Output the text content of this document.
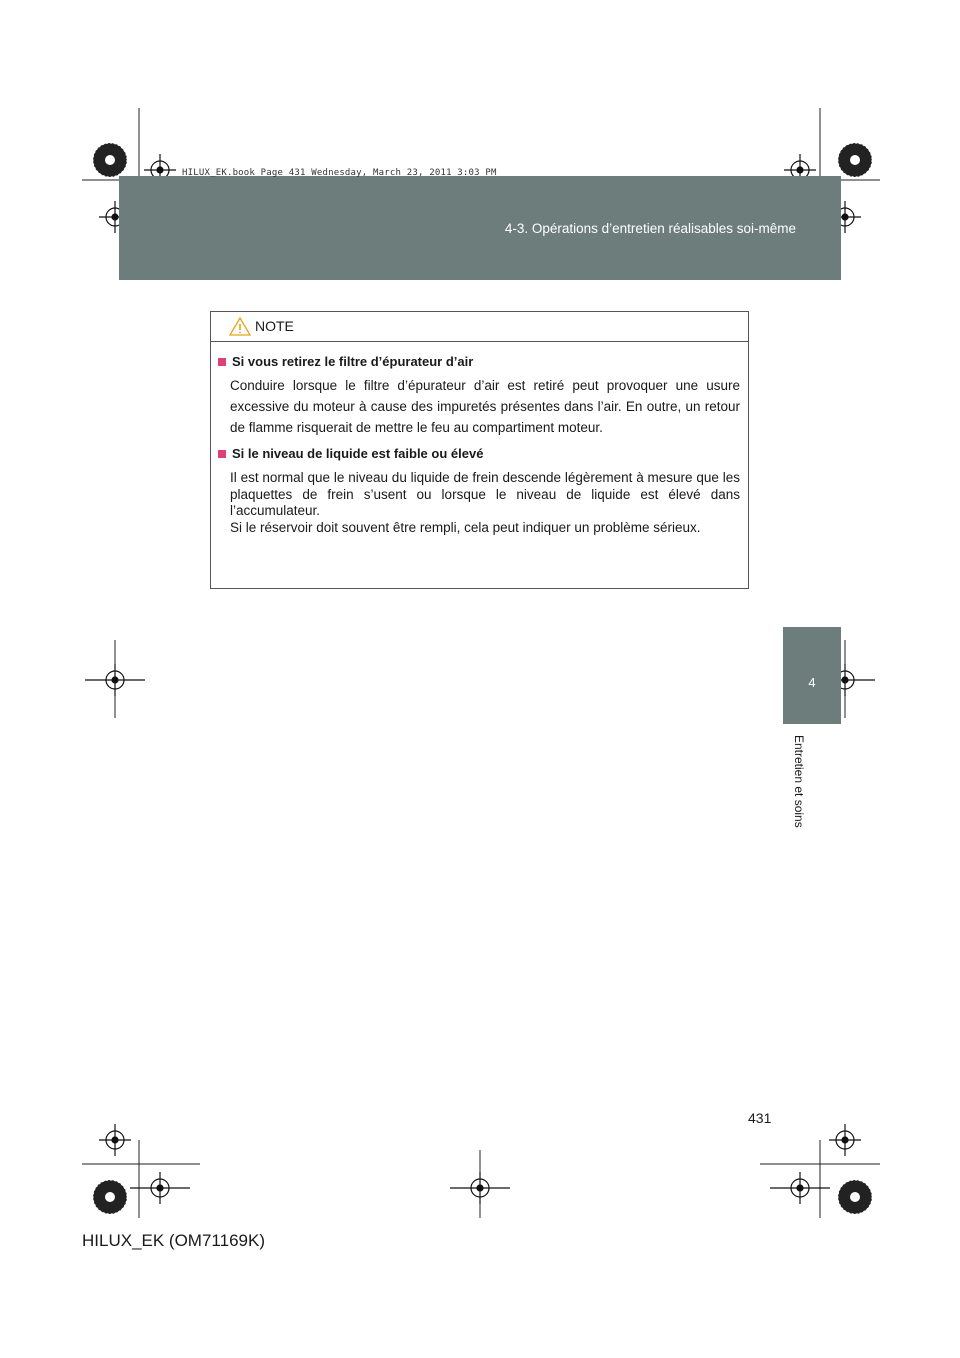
4-3. Opérations d’entretien réalisables soi-même
HILUX_EK.book Page 431 Wednesday, March 23, 2011 3:03 PM
4
Entretien et soins
NOTE
Si vous retirez le filtre d’épurateur d’air

Conduire lorsque le filtre d’épurateur d’air est retiré peut provoquer une usure excessive du moteur à cause des impuretés présentes dans l’air. En outre, un retour de flamme risquerait de mettre le feu au compartiment moteur.

Si le niveau de liquide est faible ou élevé

Il est normal que le niveau du liquide de frein descende légèrement à mesure que les plaquettes de frein s’usent ou lorsque le niveau de liquide est élevé dans l’accumulateur.

Si le réservoir doit souvent être rempli, cela peut indiquer un problème sérieux.

431
HILUX_EK (OM71169K)
